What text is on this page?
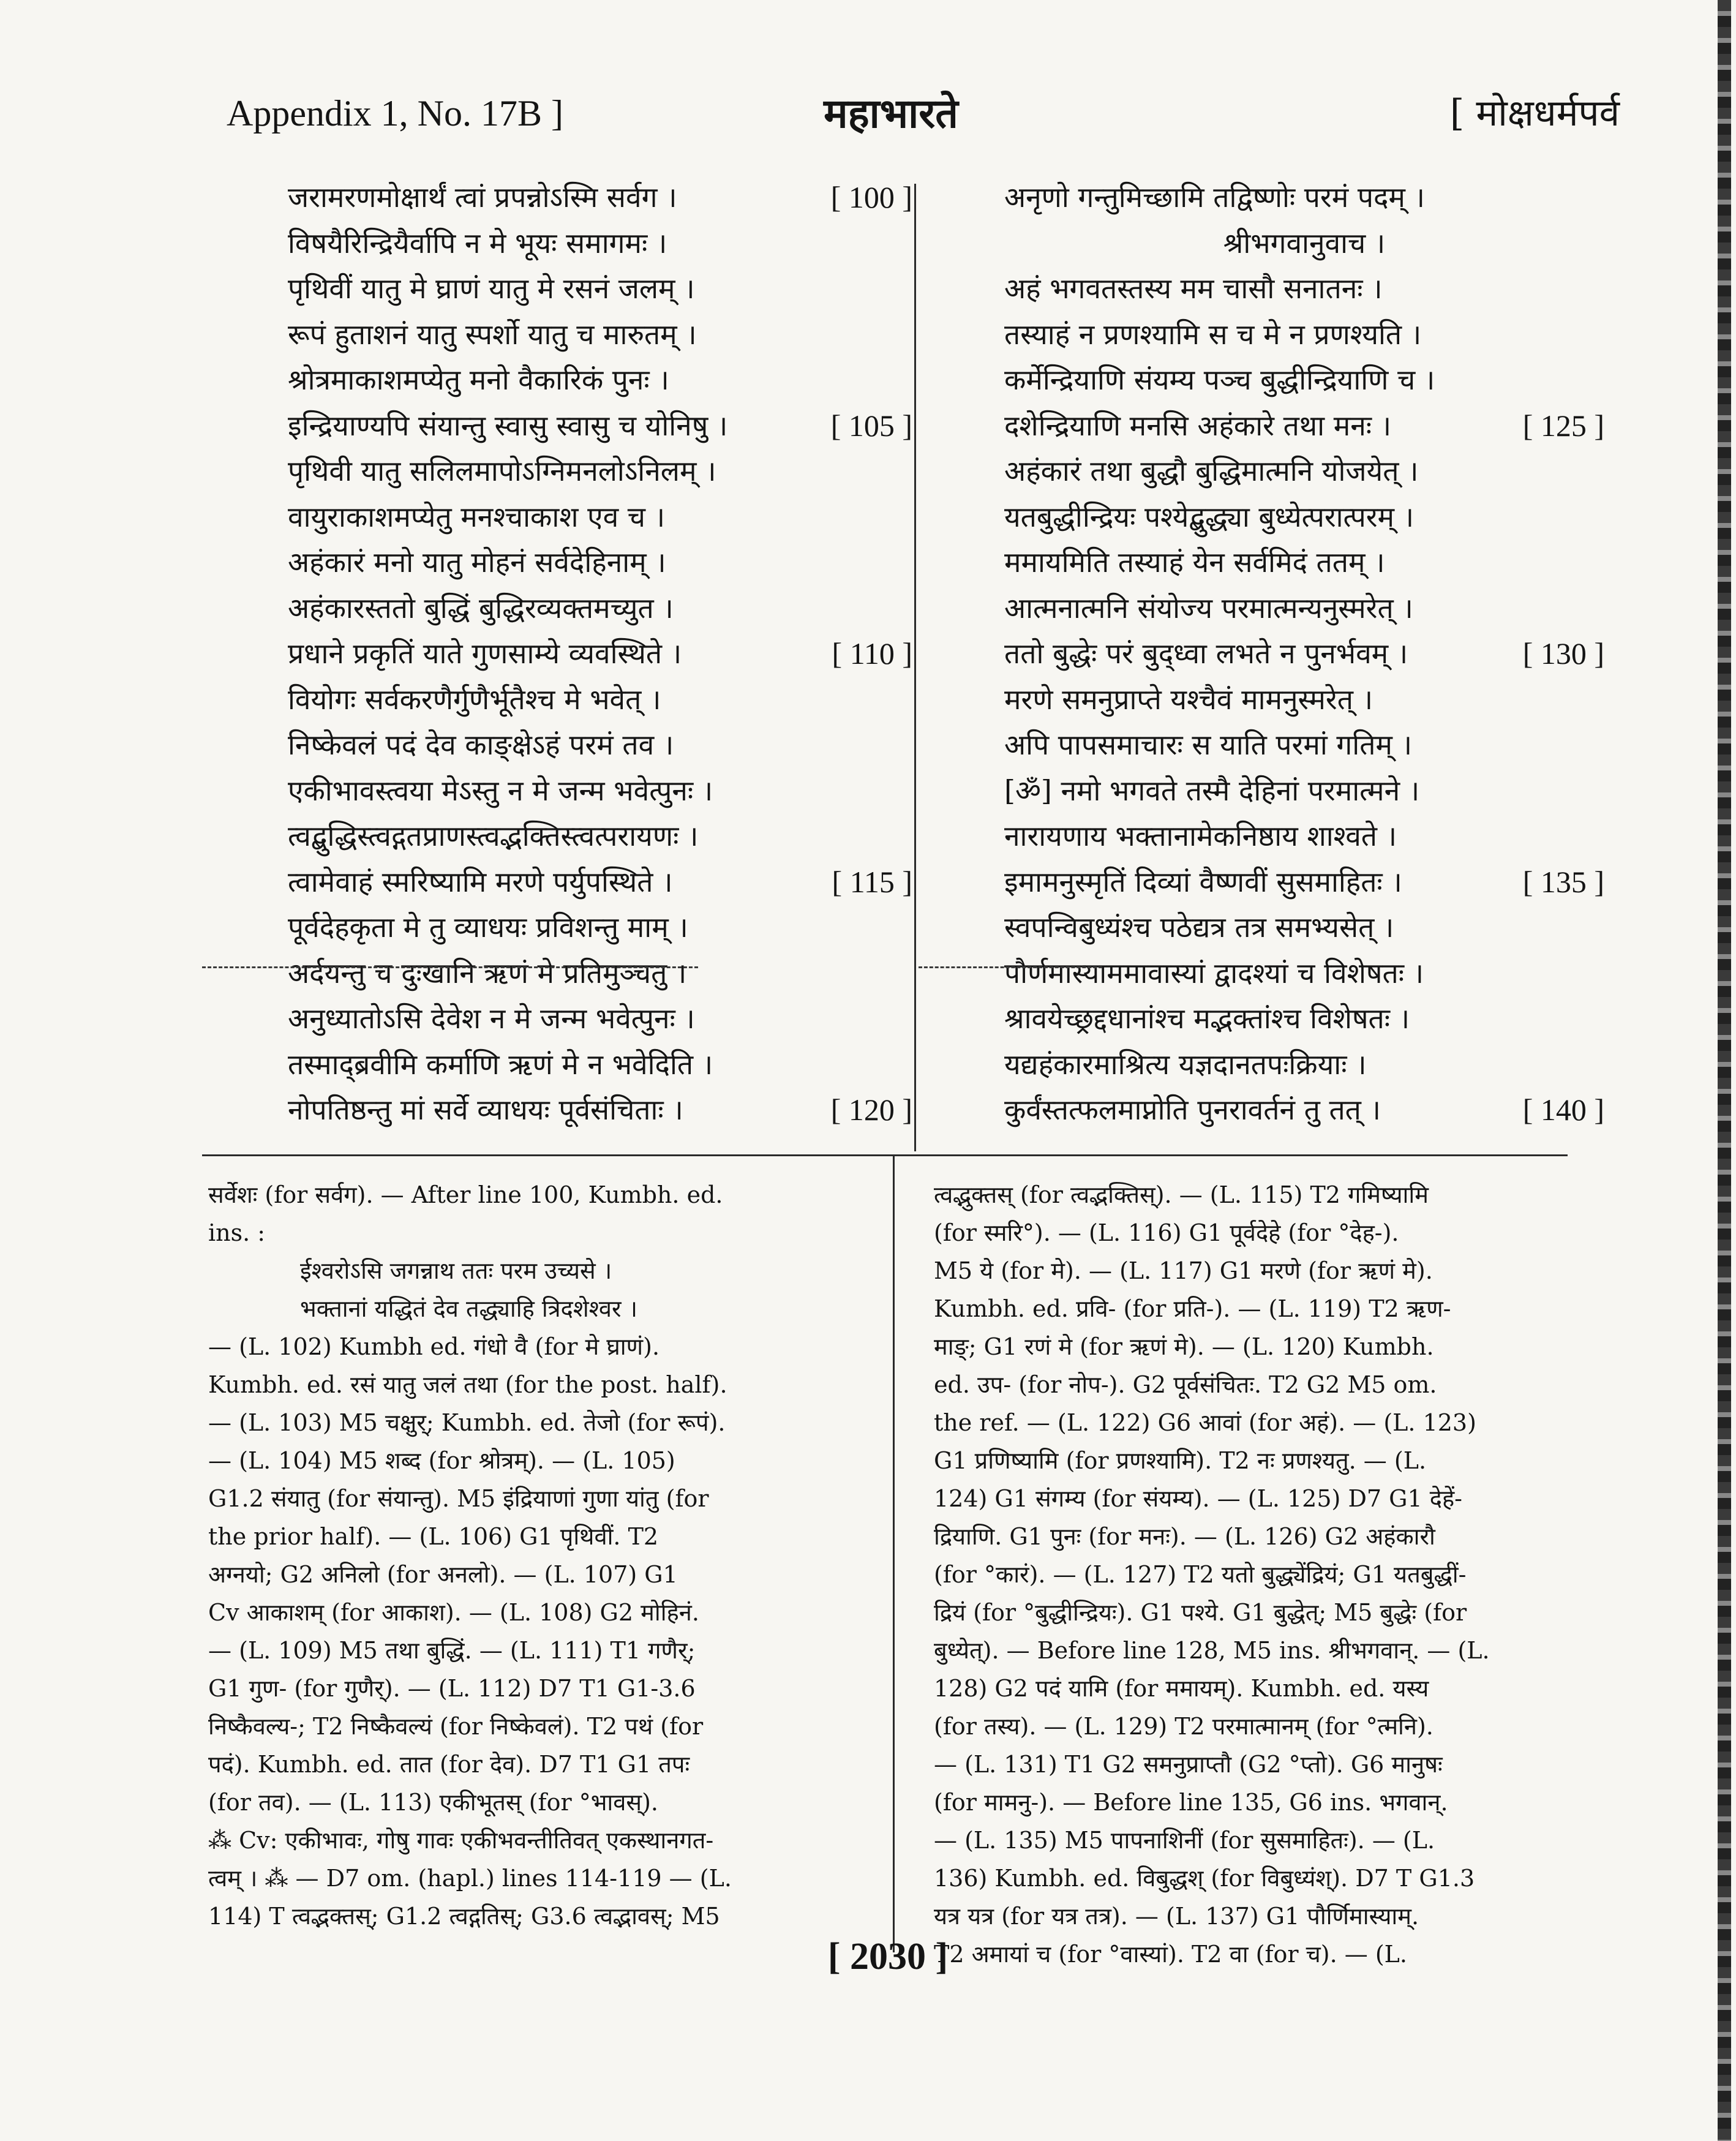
Appendix 1, No. 17B ]	महाभारते	[ मोक्षधर्मपर्व
जरामरणमोक्षार्थं त्वां प्रपन्नोऽस्मि सर्वग ।	[ 100 ]
विषयैरिन्द्रियैर्वापि न मे भूयः समागमः ।
पृथिवीं यातु मे घ्राणं यातु मे रसनं जलम् ।
रूपं हुताशनं यातु स्पर्शो यातु च मारुतम् ।
श्रोत्रमाकाशमप्येतु मनो वैकारिकं पुनः ।
इन्द्रियाण्यपि संयान्तु स्वासु स्वासु च योनिषु ।	[ 105 ]
पृथिवी यातु सलिलमापोऽग्निमनलोऽनिलम् ।
वायुराकाशमप्येतु मनश्चाकाश एव च ।
अहंकारं मनो यातु मोहनं सर्वदेहिनाम् ।
अहंकारस्ततो बुद्धिं बुद्धिरव्यक्तमच्युत ।
प्रधाने प्रकृतिं याते गुणसाम्ये व्यवस्थिते ।	[ 110 ]
वियोगः सर्वकरणैर्गुणैर्भूतैश्च मे भवेत् ।
निष्केवलं पदं देव काङ्क्षेऽहं परमं तव ।
एकीभावस्त्वया मेऽस्तु न मे जन्म भवेत्पुनः ।
त्वद्बुद्धिस्त्वद्गतप्राणस्त्वद्भक्तिस्त्वत्परायणः ।
त्वामेवाहं स्मरिष्यामि मरणे पर्युपस्थिते ।	[ 115 ]
पूर्वदेहकृता मे तु व्याधयः प्रविशन्तु माम् ।
अर्दयन्तु च दुःखानि ऋणं मे प्रतिमुञ्चतु ।
अनुध्यातोऽसि देवेश न मे जन्म भवेत्पुनः ।
तस्माद्ब्रवीमि कर्माणि ऋणं मे न भवेदिति ।
नोपतिष्ठन्तु मां सर्वे व्याधयः पूर्वसंचिताः ।	[ 120 ]
अनृणो गन्तुमिच्छामि तद्विष्णोः परमं पदम् ।
श्रीभगवानुवाच ।
अहं भगवतस्तस्य मम चासौ सनातनः ।
तस्याहं न प्रणश्यामि स च मे न प्रणश्यति ।
कर्मेन्द्रियाणि संयम्य पञ्च बुद्धीन्द्रियाणि च ।
दशेन्द्रियाणि मनसि अहंकारे तथा मनः ।	[ 125 ]
अहंकारं तथा बुद्धौ बुद्धिमात्मनि योजयेत् ।
यतबुद्धीन्द्रियः पश्येद्बुद्ध्या बुध्येत्परात्परम् ।
ममायमिति तस्याहं येन सर्वमिदं ततम् ।
आत्मनात्मनि संयोज्य परमात्मन्यनुस्मरेत् ।
ततो बुद्धेः परं बुद्ध्वा लभते न पुनर्भवम् ।	[ 130 ]
मरणे समनुप्राप्ते यश्चैवं मामनुस्मरेत् ।
अपि पापसमाचारः स याति परमां गतिम् ।
[ॐ] नमो भगवते तस्मै देहिनां परमात्मने ।
नारायणाय भक्तानामेकनिष्ठाय शाश्वते ।
इमामनुस्मृतिं दिव्यां वैष्णवीं सुसमाहितः ।	[ 135 ]
स्वपन्विबुध्यंश्च पठेद्यत्र तत्र समभ्यसेत् ।
पौर्णमास्याममावास्यां द्वादश्यां च विशेषतः ।
श्रावयेच्छ्रद्दधानांश्च मद्भक्तांश्च विशेषतः ।
यद्यहंकारमाश्रित्य यज्ञदानतपःक्रियाः ।
कुर्वंस्तत्फलमाप्नोति पुनरावर्तनं तु तत् ।	[ 140 ]
सर्वेशः (for सर्वग). — After line 100, Kumbh. ed.
ins. :
ईश्वरोऽसि जगन्नाथ ततः परम उच्यसे ।
भक्तानां यद्धितं देव तद्ध्याहि त्रिदशेश्वर ।
— (L. 102) Kumbh ed. गंधो वै (for मे घ्राणं).
Kumbh. ed. रसं यातु जलं तथा (for the post. half).
— (L. 103) M5 चक्षुर्; Kumbh. ed. तेजो (for रूपं).
— (L. 104) M5 शब्द (for श्रोत्रम्). — (L. 105)
G1.2 संयातु (for संयान्तु). M5 इंद्रियाणां गुणा यांतु (for
the prior half). — (L. 106) G1 पृथिवीं. T2
अग्नयो; G2 अनिलो (for अनलो). — (L. 107) G1
Cv आकाशम् (for आकाश). — (L. 108) G2 मोहिनं.
— (L. 109) M5 तथा बुद्धिं. — (L. 111) T1 गणैर्;
G1 गुण- (for गुणैर्). — (L. 112) D7 T1 G1-3.6
निष्कैवल्य-; T2 निष्कैवल्यं (for निष्केवलं). T2 पथं (for
पदं). Kumbh. ed. तात (for देव). D7 T1 G1 तपः
(for तव). — (L. 113) एकीभूतस् (for °भावस्).
⁂ Cv: एकीभावः, गोषु गावः एकीभवन्तीतिवत् एकस्थानगत-
त्वम् । ⁂ — D7 om. (hapl.) lines 114-119 — (L.
114) T त्वद्भक्तस्; G1.2 त्वद्गतिस्; G3.6 त्वद्भावस्; M5
त्वद्भुक्तस् (for त्वद्भक्तिस्). — (L. 115) T2 गमिष्यामि
(for स्मरि°). — (L. 116) G1 पूर्वदेहे (for °देह-).
M5 ये (for मे). — (L. 117) G1 मरणे (for ऋणं मे).
Kumbh. ed. प्रवि- (for प्रति-). — (L. 119) T2 ऋण-
माङ्; G1 रणं मे (for ऋणं मे). — (L. 120) Kumbh.
ed. उप- (for नोप-). G2 पूर्वसंचितः. T2 G2 M5 om.
the ref. — (L. 122) G6 आवां (for अहं). — (L. 123)
G1 प्रणिष्यामि (for प्रणश्यामि). T2 नः प्रणश्यतु. — (L.
124) G1 संगम्य (for संयम्य). — (L. 125) D7 G1 देहें-
द्रियाणि. G1 पुनः (for मनः). — (L. 126) G2 अहंकारौ
(for °कारं). — (L. 127) T2 यतो बुद्ध्येंद्रियं; G1 यतबुद्धीं-
द्रियं (for °बुद्धीन्द्रियः). G1 पश्ये. G1 बुद्धेत्; M5 बुद्धेः (for
बुध्येत्). — Before line 128, M5 ins. श्रीभगवान्. — (L.
128) G2 पदं यामि (for ममायम्). Kumbh. ed. यस्य
(for तस्य). — (L. 129) T2 परमात्मानम् (for °त्मनि).
— (L. 131) T1 G2 समनुप्राप्तौ (G2 °प्तो). G6 मानुषः
(for मामनु-). — Before line 135, G6 ins. भगवान्.
— (L. 135) M5 पापनाशिनीं (for सुसमाहितः). — (L.
136) Kumbh. ed. विबुद्धश् (for विबुध्यंश्). D7 T G1.3
यत्र यत्र (for यत्र तत्र). — (L. 137) G1 पौर्णिमास्याम्.
T2 अमायां च (for °वास्यां). T2 वा (for च). — (L.
[ 2030 ]
